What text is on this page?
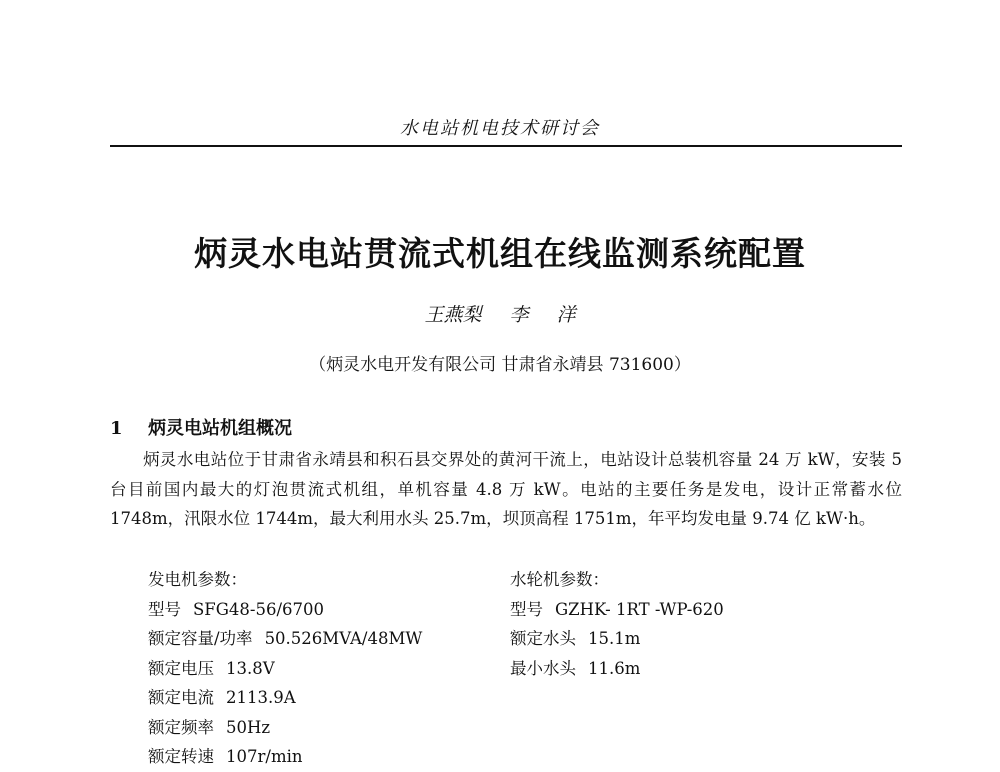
水电站机电技术研讨会
炳灵水电站贯流式机组在线监测系统配置
王燕梨 李 洋
（炳灵水电开发有限公司 甘肃省永靖县 731600）
1 炳灵电站机组概况
炳灵水电站位于甘肃省永靖县和积石县交界处的黄河干流上，电站设计总装机容量 24 万 kW，安装 5 台目前国内最大的灯泡贯流式机组，单机容量 4.8 万 kW。电站的主要任务是发电，设计正常蓄水位 1748m，汛限水位 1744m，最大利用水头 25.7m，坝顶高程 1751m，年平均发电量 9.74 亿 kW·h。
发电机参数：
型号 SFG48-56/6700
额定容量/功率 50.526MVA/48MW
额定电压 13.8V
额定电流 2113.9A
额定频率 50Hz
额定转速 107r/min
水轮机参数：
型号 GZHK- 1RT -WP-620
额定水头 15.1m
最小水头 11.6m
